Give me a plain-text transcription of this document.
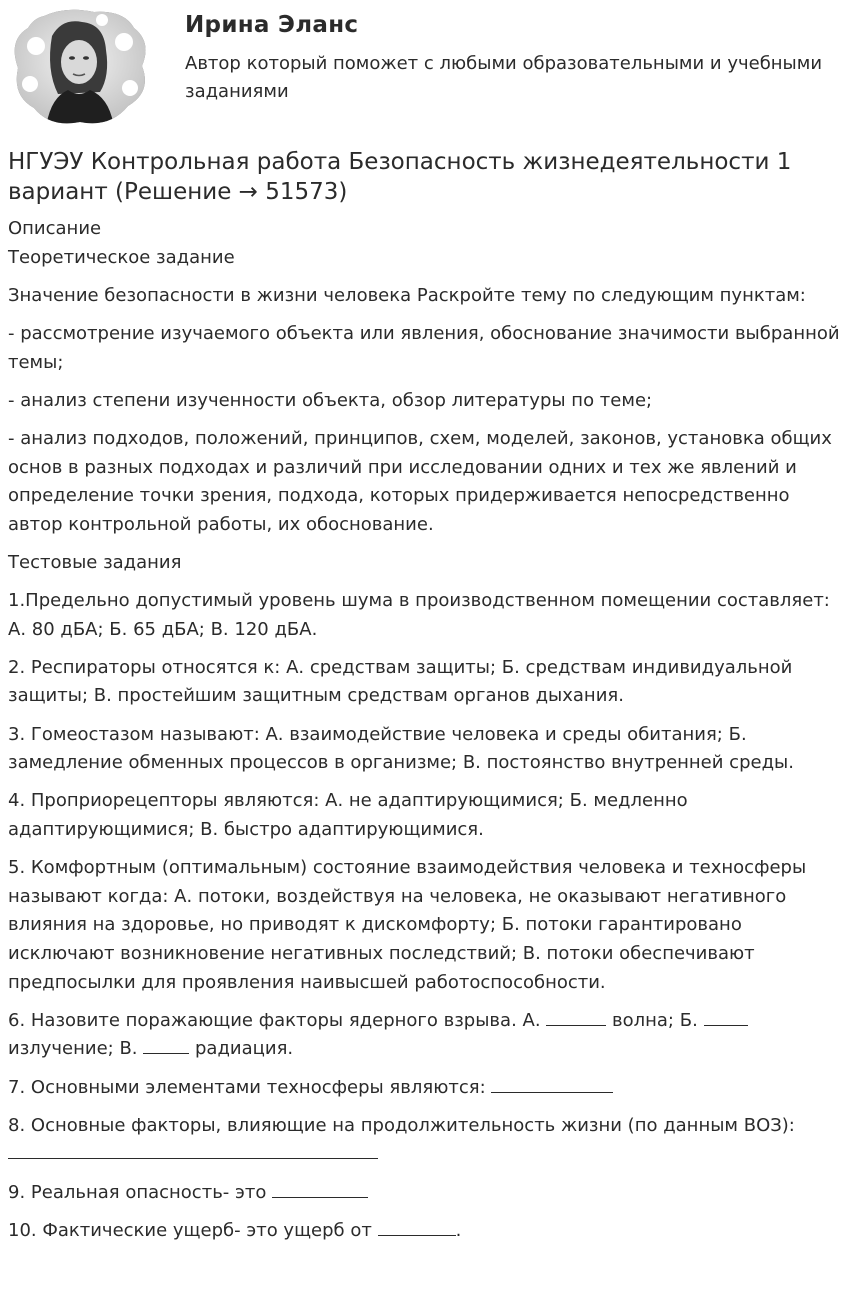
Ирина Эланс

Автор который поможет с любыми образовательными и учебными заданиями

НГУЭУ Контрольная работа Безопасность жизнедеятельности 1 вариант (Решение → 51573)

Описание

Теоретическое задание

Значение безопасности в жизни человека Раскройте тему по следующим пунктам:

- рассмотрение изучаемого объекта или явления, обоснование значимости выбранной темы;

- анализ степени изученности объекта, обзор литературы по теме;

- анализ подходов, положений, принципов, схем, моделей, законов, установка общих основ в разных подходах и различий при исследовании одних и тех же явлений и определение точки зрения, подхода, которых придерживается непосредственно автор контрольной работы, их обоснование.

Тестовые задания

1.Предельно допустимый уровень шума в производственном помещении составляет: А. 80 дБА; Б. 65 дБА; В. 120 дБА.

2. Респираторы относятся к: А. средствам защиты; Б. средствам индивидуальной защиты; В. простейшим защитным средствам органов дыхания.

3. Гомеостазом называют: А. взаимодействие человека и среды обитания; Б. замедление обменных процессов в организме; В. постоянство внутренней среды.

4. Проприорецепторы являются: А. не адаптирующимися; Б. медленно адаптирующимися; В. быстро адаптирующимися.

5. Комфортным (оптимальным) состояние взаимодействия человека и техносферы называют когда: А. потоки, воздействуя на человека, не оказывают негативного влияния на здоровье, но приводят к дискомфорту; Б. потоки гарантировано исключают возникновение негативных последствий; В. потоки обеспечивают предпосылки для проявления наивысшей работоспособности.

6. Назовите поражающие факторы ядерного взрыва. А.	волна; Б.  излучение; В.	радиация.

7. Основными элементами техносферы являются:

8. Основные факторы, влияющие на продолжительность жизни (по данным ВОЗ):

9. Реальная опасность- это

10. Фактические ущерб- это ущерб от	.
